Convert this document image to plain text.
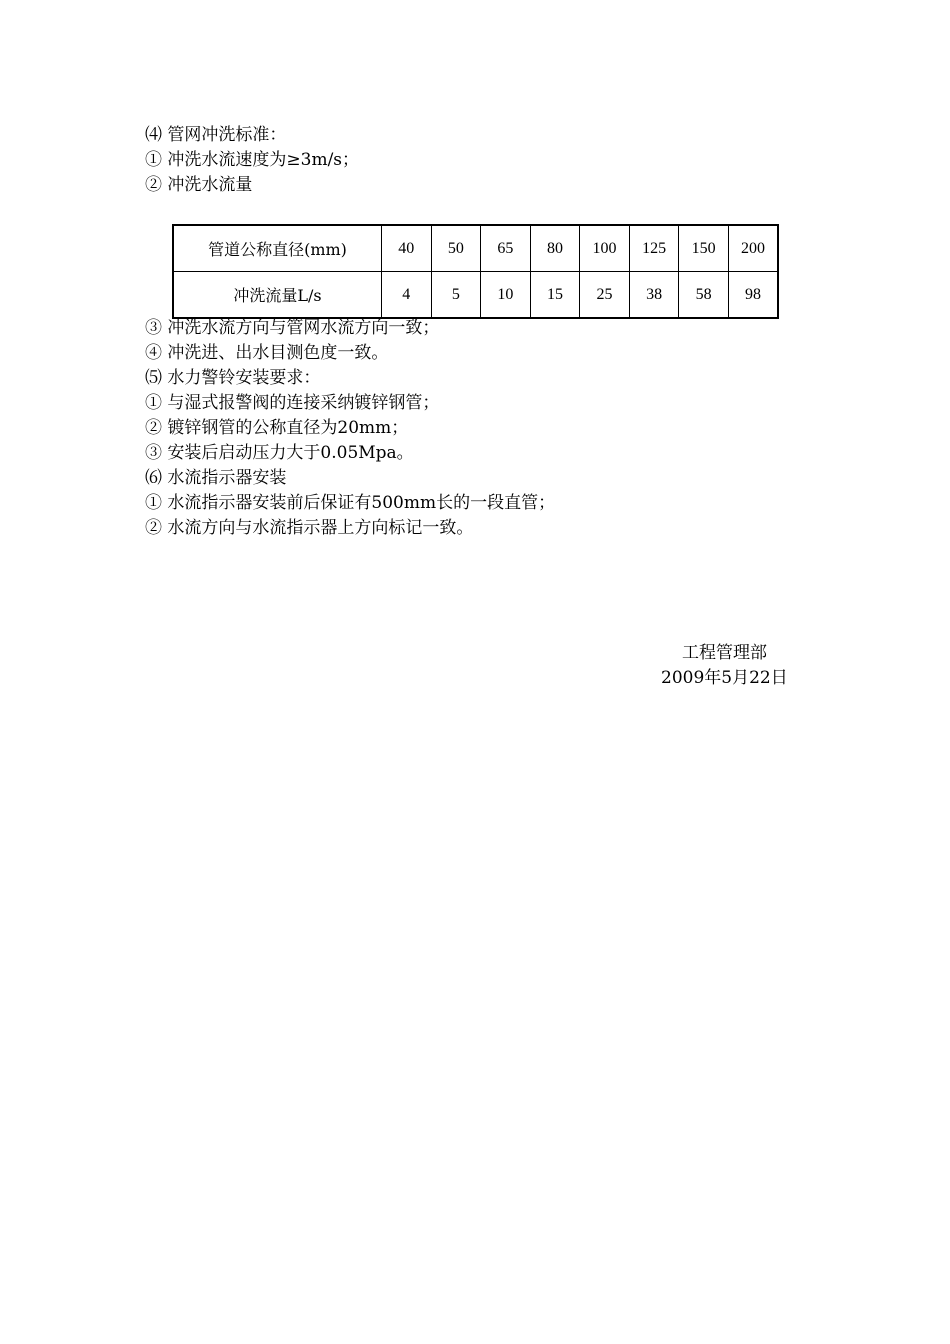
⑷ 管网冲洗标准：
① 冲洗水流速度为≥3m/s；
② 冲洗水流量
管道公称直径(mm)	40	50	65	80	100	125	150	200
冲洗流量L/s	4	5	10	15	25	38	58	98
③ 冲洗水流方向与管网水流方向一致；
④ 冲洗进、出水目测色度一致。
⑸ 水力警铃安装要求：
① 与湿式报警阀的连接采纳镀锌钢管；
② 镀锌钢管的公称直径为20mm；
③ 安装后启动压力大于0.05Mpa。
⑹ 水流指示器安装
① 水流指示器安装前后保证有500mm长的一段直管；
② 水流方向与水流指示器上方向标记一致。
工程管理部
2009年5月22日
